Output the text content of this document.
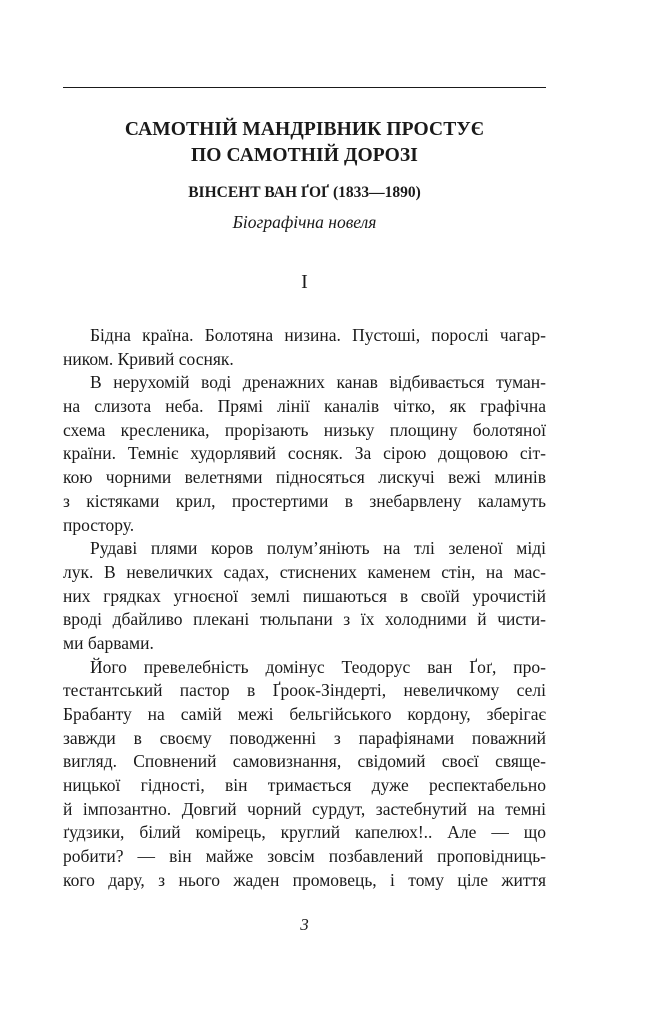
САМОТНІЙ МАНДРІВНИК ПРОСТУЄ
ПО САМОТНІЙ ДОРОЗІ
ВІНСЕНТ ВАН ҐОҐ (1833—1890)
Біографічна новеля
I
Бідна країна. Болотяна низина. Пустоші, порослі чагар-
ником. Кривий сосняк.
В нерухомій воді дренажних канав відбивається туман-
на слизота неба. Прямі лінії каналів чітко, як графічна
схема кресленика, прорізають низьку площину болотяної
країни. Темніє худорлявий сосняк. За сірою дощовою сіт-
кою чорними велетнями підносяться лискучі вежі млинів
з кістяками крил, простертими в знебарвлену каламуть
простору.
Рудаві плями коров полум’яніють на тлі зеленої міді
лук. В невеличких садах, стиснених каменем стін, на мас-
них грядках угноєної землі пишаються в своїй урочистій
вроді дбайливо плекані тюльпани з їх холодними й чисти-
ми барвами.
Його превелебність домінус Теодорус ван Ґоґ, про-
тестантський пастор в Ґроок-Зіндерті, невеличкому селі
Брабанту на самій межі бельгійського кордону, зберігає
завжди в своєму поводженні з парафіянами поважний
вигляд. Сповнений самовизнання, свідомий своєї свяще-
ницької гідності, він тримається дуже респектабельно
й імпозантно. Довгий чорний сурдут, застебнутий на темні
ґудзики, білий комірець, круглий капелюх!.. Але — що
робити? — він майже зовсім позбавлений проповідниць-
кого дару, з нього жаден промовець, і тому ціле життя
3
